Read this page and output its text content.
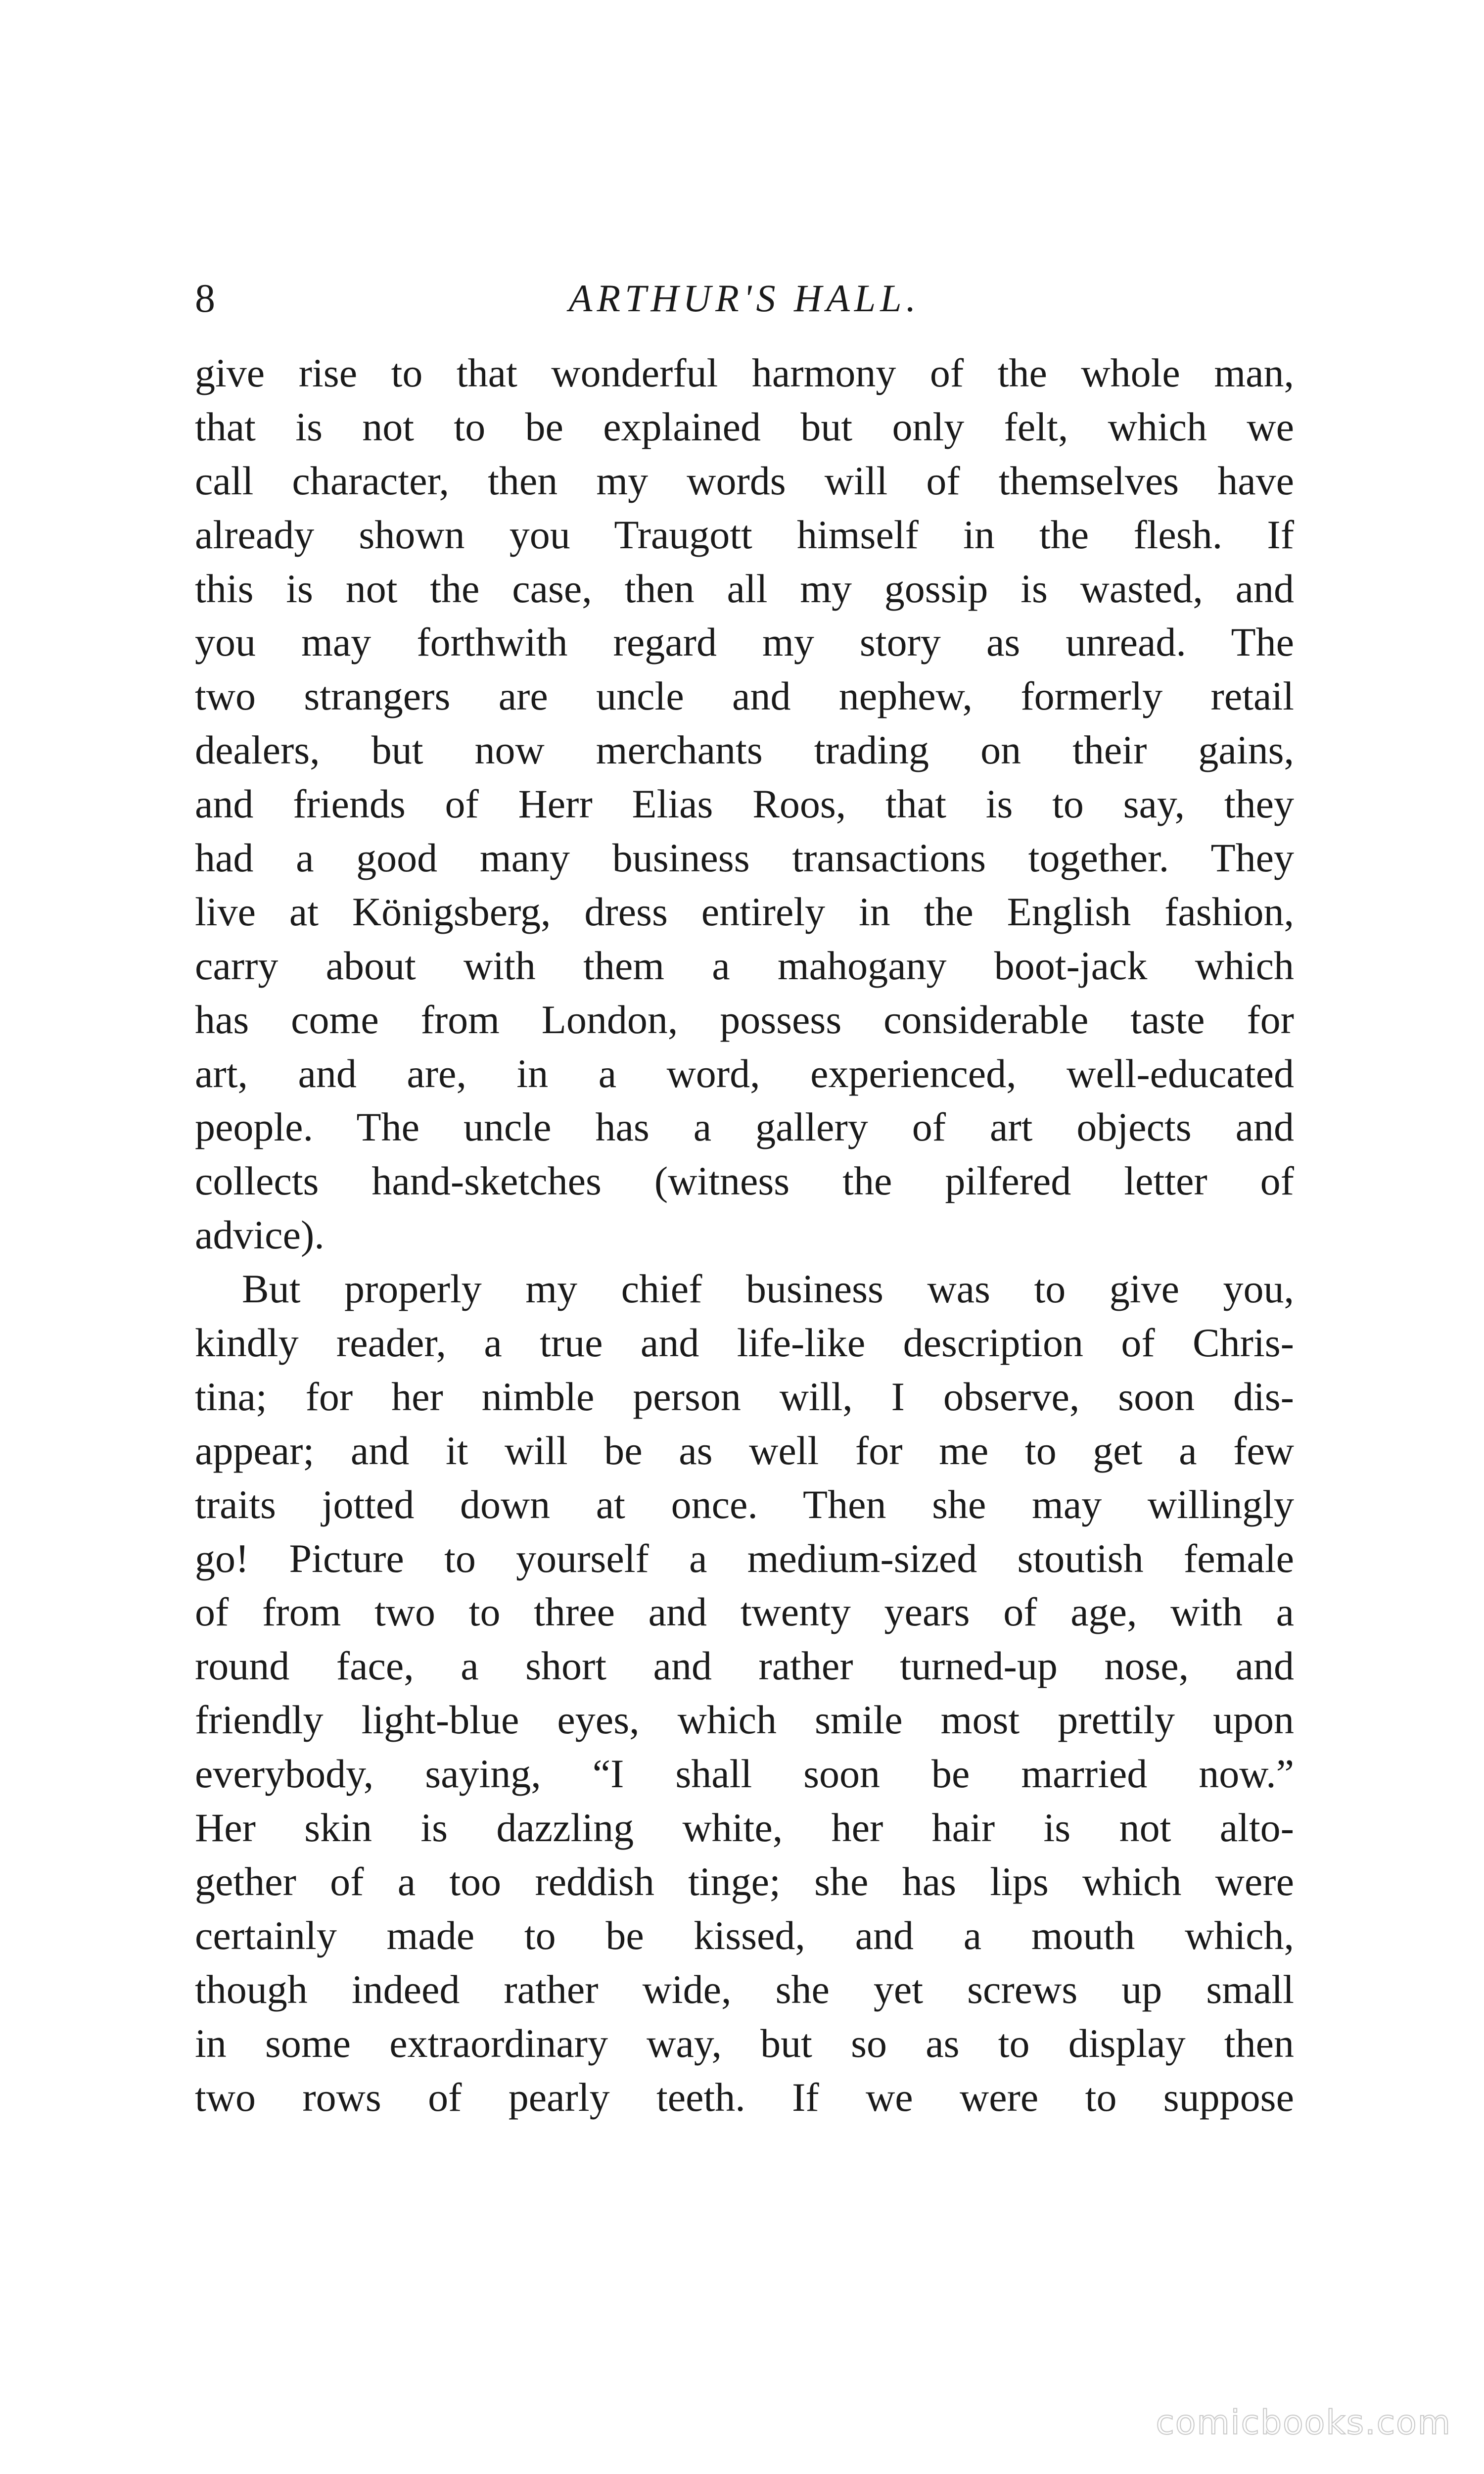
8	ARTHUR'S HALL.
give rise to that wonderful harmony of the whole man,
that is not to be explained but only felt, which we
call character, then my words will of themselves have
already shown you Traugott himself in the flesh. If
this is not the case, then all my gossip is wasted, and
you may forthwith regard my story as unread. The
two strangers are uncle and nephew, formerly retail
dealers, but now merchants trading on their gains,
and friends of Herr Elias Roos, that is to say, they
had a good many business transactions together. They
live at Königsberg, dress entirely in the English fashion,
carry about with them a mahogany boot-jack which
has come from London, possess considerable taste for
art, and are, in a word, experienced, well-educated
people. The uncle has a gallery of art objects and
collects hand-sketches (witness the pilfered letter of
advice).
But properly my chief business was to give you,
kindly reader, a true and life-like description of Chris-
tina; for her nimble person will, I observe, soon dis-
appear; and it will be as well for me to get a few
traits jotted down at once. Then she may willingly
go! Picture to yourself a medium-sized stoutish female
of from two to three and twenty years of age, with a
round face, a short and rather turned-up nose, and
friendly light-blue eyes, which smile most prettily upon
everybody, saying, “I shall soon be married now.”
Her skin is dazzling white, her hair is not alto-
gether of a too reddish tinge; she has lips which were
certainly made to be kissed, and a mouth which,
though indeed rather wide, she yet screws up small
in some extraordinary way, but so as to display then
two rows of pearly teeth. If we were to suppose
comicbooks.com
